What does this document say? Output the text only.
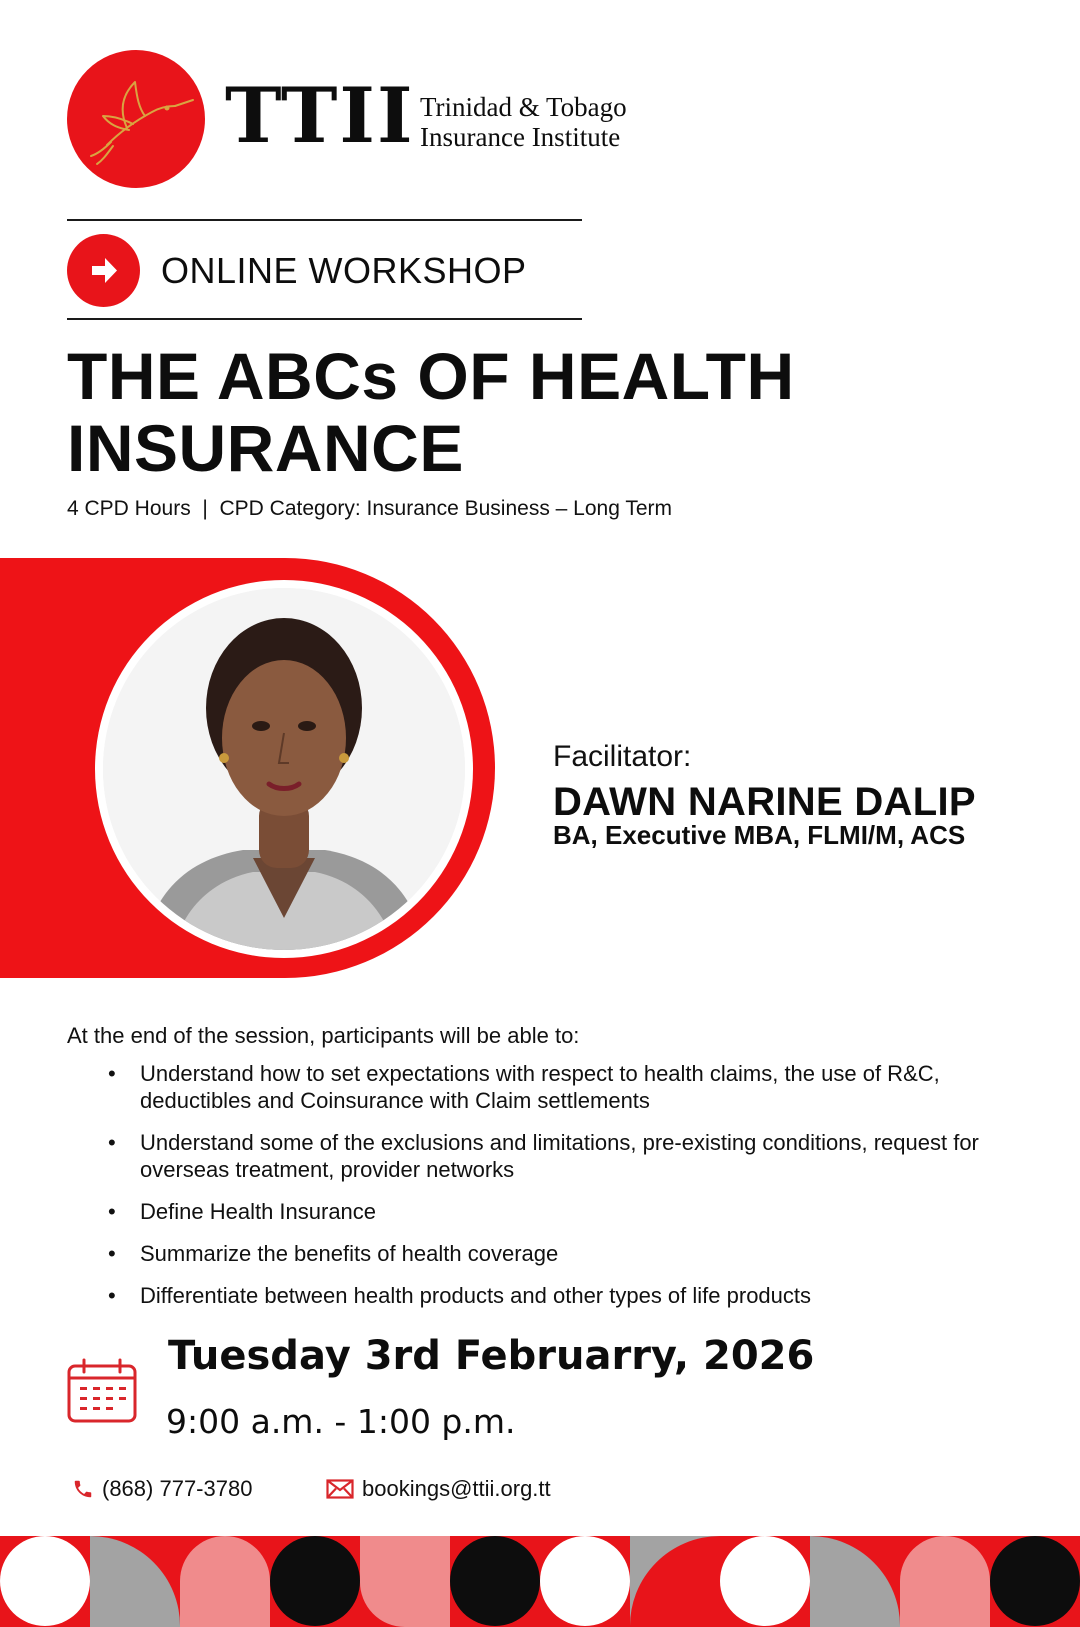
TTII Trinidad & Tobago
Insurance Institute
ONLINE WORKSHOP
THE ABCs OF HEALTH
INSURANCE
4 CPD Hours  |  CPD Category: Insurance Business – Long Term
Facilitator:
DAWN NARINE DALIP
BA, Executive MBA, FLMI/M, ACS
At the end of the session, participants will be able to:
• Understand how to set expectations with respect to health claims, the use of R&C, deductibles and Coinsurance with Claim settlements
• Understand some of the exclusions and limitations, pre-existing conditions, request for overseas treatment, provider networks
• Define Health Insurance
• Summarize the benefits of health coverage
• Differentiate between health products and other types of life products
Tuesday 3rd Februarry, 2026
9:00 a.m. - 1:00 p.m.
(868) 777-3780	bookings@ttii.org.tt
